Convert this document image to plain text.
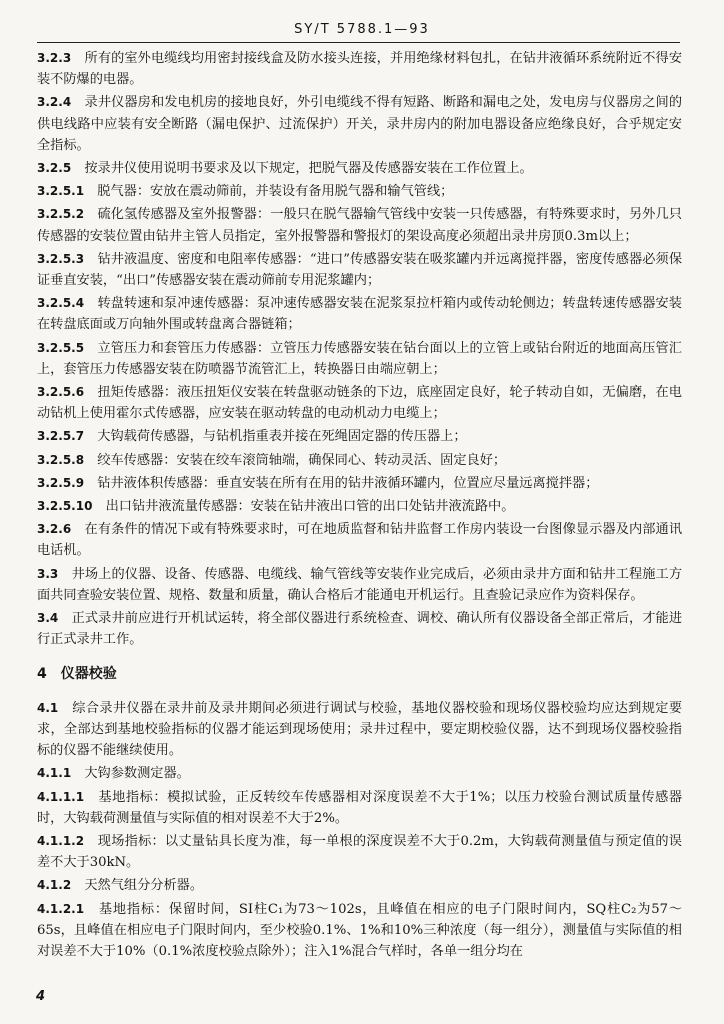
SY/T 5788.1—93
3.2.3　 所有的室外电缆线均用密封接线盒及防水接头连接，并用绝缘材料包扎，在钻井液循环系统附近不得安装不防爆的电器。
3.2.4　 录井仪器房和发电机房的接地良好，外引电缆线不得有短路、断路和漏电之处，发电房与仪器房之间的供电线路中应装有安全断路（漏电保护、过流保护）开关，录井房内的附加电器设备应绝缘良好，合乎规定安全指标。
3.2.5　 按录井仪使用说明书要求及以下规定，把脱气器及传感器安装在工作位置上。
3.2.5.1　 脱气器：安放在震动筛前，并装设有备用脱气器和输气管线；
3.2.5.2　 硫化氢传感器及室外报警器：一般只在脱气器输气管线中安装一只传感器，有特殊要求时，另外几只传感器的安装位置由钻井主管人员指定，室外报警器和警报灯的架设高度必须超出录井房顶0.3m以上；
3.2.5.3　 钻井液温度、密度和电阻率传感器：“进口”传感器安装在吸浆罐内并远离搅拌器，密度传感器必须保证垂直安装，“出口”传感器安装在震动筛前专用泥浆罐内；
3.2.5.4　 转盘转速和泵冲速传感器：泵冲速传感器安装在泥浆泵拉杆箱内或传动轮侧边；转盘转速传感器安装在转盘底面或万向轴外围或转盘离合器链箱；
3.2.5.5　 立管压力和套管压力传感器：立管压力传感器安装在钻台面以上的立管上或钻台附近的地面高压管汇上，套管压力传感器安装在防喷器节流管汇上，转换器日由端应朝上；
3.2.5.6　 扭矩传感器：液压扭矩仪安装在转盘驱动链条的下边，底座固定良好，轮子转动自如，无偏磨，在电动钻机上使用霍尔式传感器，应安装在驱动转盘的电动机动力电缆上；
3.2.5.7　 大钩载荷传感器，与钻机指重表并接在死绳固定器的传压器上；
3.2.5.8　 绞车传感器：安装在绞车滚筒轴端，确保同心、转动灵活、固定良好；
3.2.5.9　 钻井液体积传感器：垂直安装在所有在用的钻井液循环罐内，位置应尽量远离搅拌器；
3.2.5.10　 出口钻井液流量传感器：安装在钻井液出口管的出口处钻井液流路中。
3.2.6　 在有条件的情况下或有特殊要求时，可在地质监督和钻井监督工作房内装设一台图像显示器及内部通讯电话机。
3.3　 井场上的仪器、设备、传感器、电缆线、输气管线等安装作业完成后，必须由录井方面和钻井工程施工方面共同查验安装位置、规格、数量和质量，确认合格后才能通电开机运行。且查验记录应作为资料保存。
3.4　 正式录井前应进行开机试运转，将全部仪器进行系统检查、调校、确认所有仪器设备全部正常后，才能进行正式录井工作。
4　仪器校验
4.1　 综合录井仪器在录井前及录井期间必须进行调试与校验，基地仪器校验和现场仪器校验均应达到规定要求，全部达到基地校验指标的仪器才能运到现场使用；录井过程中，要定期校验仪器，达不到现场仪器校验指标的仪器不能继续使用。
4.1.1　 大钩参数测定器。
4.1.1.1　 基地指标：模拟试验，正反转绞车传感器相对深度误差不大于1%；以压力校验台测试质量传感器时，大钩载荷测量值与实际值的相对误差不大于2%。
4.1.1.2　 现场指标：以丈量钻具长度为准，每一单根的深度误差不大于0.2m，大钩载荷测量值与预定值的误差不大于30kN。
4.1.2　 天然气组分分析器。
4.1.2.1　 基地指标：保留时间，SI柱C₁为73～102s，且峰值在相应的电子门限时间内，SQ柱C₂为57～65s，且峰值在相应电子门限时间内，至少校验0.1%、1%和10%三种浓度（每一组分），测量值与实际值的相对误差不大于10%（0.1%浓度校验点除外）；注入1%混合气样时，各单一组分均在
4
